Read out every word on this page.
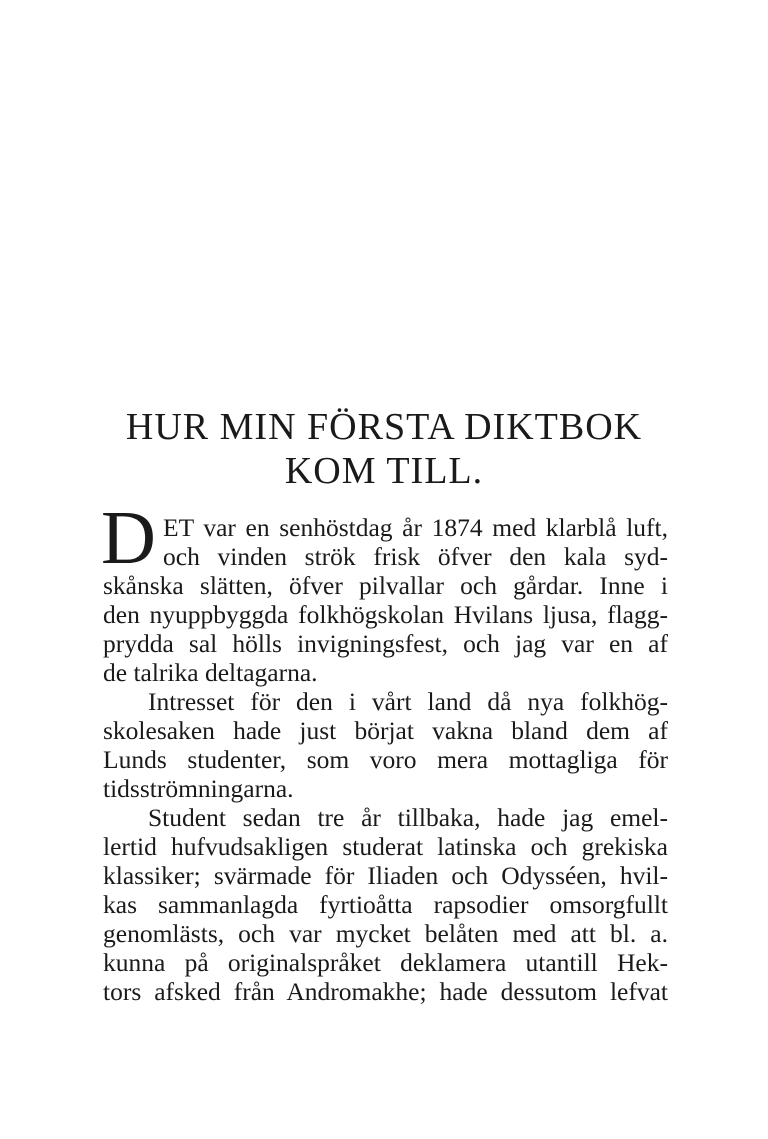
HUR MIN FÖRSTA DIKTBOK
KOM TILL.
D ET var en senhöstdag år 1874 med klarblå luft,
och vinden strök frisk öfver den kala syd-
skånska slätten, öfver pilvallar och gårdar. Inne i
den nyuppbyggda folkhögskolan Hvilans ljusa, flagg-
prydda sal hölls invigningsfest, och jag var en af
de talrika deltagarna.
Intresset för den i vårt land då nya folkhög-
skolesaken hade just börjat vakna bland dem af
Lunds studenter, som voro mera mottagliga för
tidsströmningarna.
Student sedan tre år tillbaka, hade jag emel-
lertid hufvudsakligen studerat latinska och grekiska
klassiker; svärmade för Iliaden och Odysséen, hvil-
kas sammanlagda fyrtioåtta rapsodier omsorgfullt
genomlästs, och var mycket belåten med att bl. a.
kunna på originalspråket deklamera utantill Hek-
tors afsked från Andromakhe; hade dessutom lefvat
